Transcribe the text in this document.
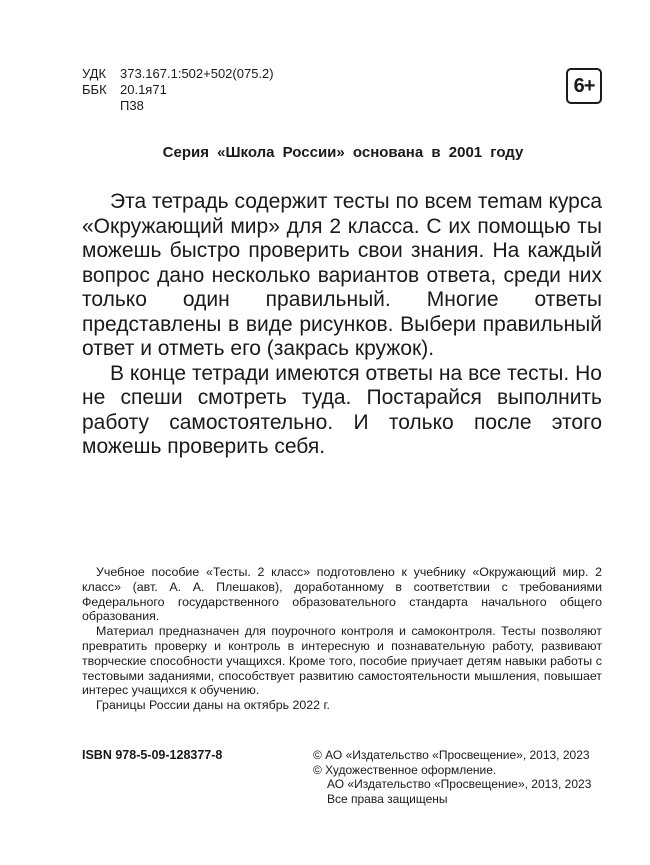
УДК	373.167.1:502+502(075.2)
ББК	20.1я71
П38
6+
Серия «Школа России» основана в 2001 году

Эта тетрадь содержит тесты по всем теmам курса «Окружающий мир» для 2 класса. С их помощью ты можешь быстро проверить свои знания. На каждый вопрос дано несколько вариантов ответа, среди них только один правильный. Многие ответы представлены в виде рисунков. Выбери правильный ответ и отметь его (закрась кружок).

В конце тетради имеются ответы на все тесты. Но не спеши смотреть туда. Постарайся выполнить работу самостоятельно. И только после этого можешь проверить себя.

Учебное пособие «Тесты. 2 класс» подготовлено к учебнику «Окружающий мир. 2 класс» (авт. А. А. Плешаков), доработанному в соответствии с требованиями Федерального государственного образовательного стандарта начального общего образования.

Материал предназначен для поурочного контроля и самоконтроля. Тесты позволяют превратить проверку и контроль в интересную и познавательную работу, развивают творческие способности учащихся. Кроме того, пособие приучает детям навыки работы с тестовыми заданиями, способствует развитию самостоятельности мышления, повышает интерес учащихся к обучению.

Границы России даны на октябрь 2022 г.

ISBN 978-5-09-128377-8	© АО «Издательство «Просвещение», 2013, 2023
© Художественное оформление.
АО «Издательство «Просвещение», 2013, 2023
Все права защищены
